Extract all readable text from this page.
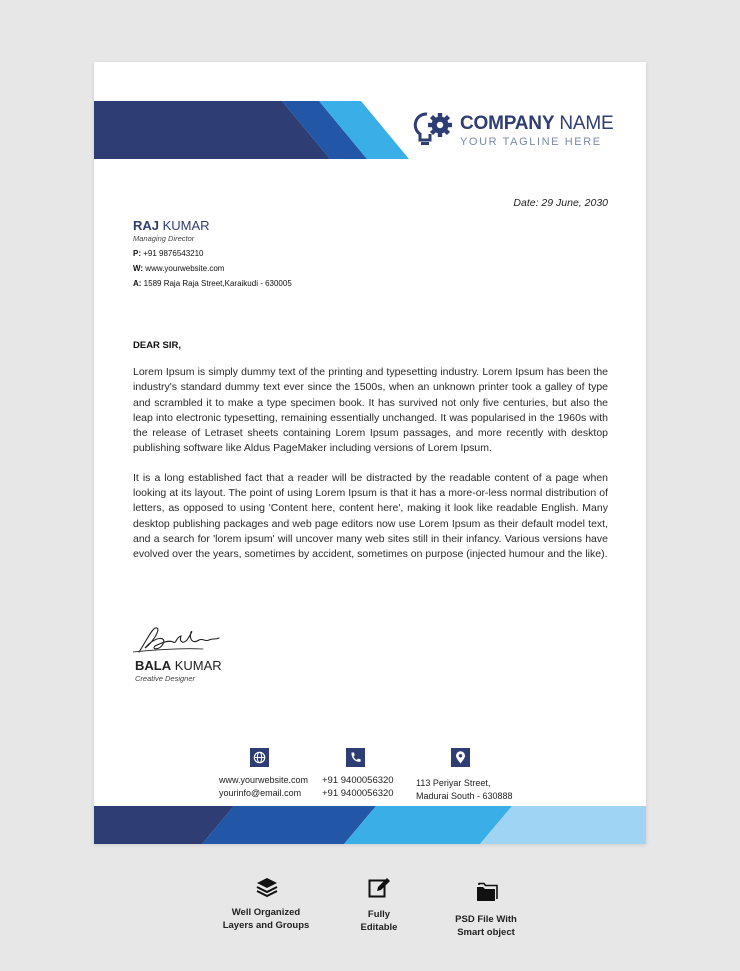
COMPANY NAME
YOUR TAGLINE HERE
Date: 29 June, 2030
RAJ KUMAR
Managing Director
P: +91 9876543210
W: www.yourwebsite.com
A: 1589 Raja Raja Street,Karaikudi - 630005
DEAR SIR,

Lorem Ipsum is simply dummy text of the printing and typesetting industry. Lorem Ipsum has been the industry's standard dummy text ever since the 1500s, when an unknown printer took a galley of type and scrambled it to make a type specimen book. It has survived not only five centuries, but also the leap into electronic typesetting, remaining essentially unchanged. It was popularised in the 1960s with the release of Letraset sheets containing Lorem Ipsum passages, and more recently with desktop publishing software like Aldus PageMaker including versions of Lorem Ipsum.

It is a long established fact that a reader will be distracted by the readable content of a page when looking at its layout. The point of using Lorem Ipsum is that it has a more-or-less normal distribution of letters, as opposed to using 'Content here, content here', making it look like readable English. Many desktop publishing packages and web page editors now use Lorem Ipsum as their default model text, and a search for 'lorem ipsum' will uncover many web sites still in their infancy. Various versions have evolved over the years, sometimes by accident, sometimes on purpose (injected humour and the like).

BALA KUMAR
Creative Designer
www.yourwebsite.com
yourinfo@email.com
+91 9400056320
+91 9400056320
113 Periyar Street,
Madurai South - 630888
Well Organized
Layers and Groups
Fully
Editable
PSD File With
Smart object
